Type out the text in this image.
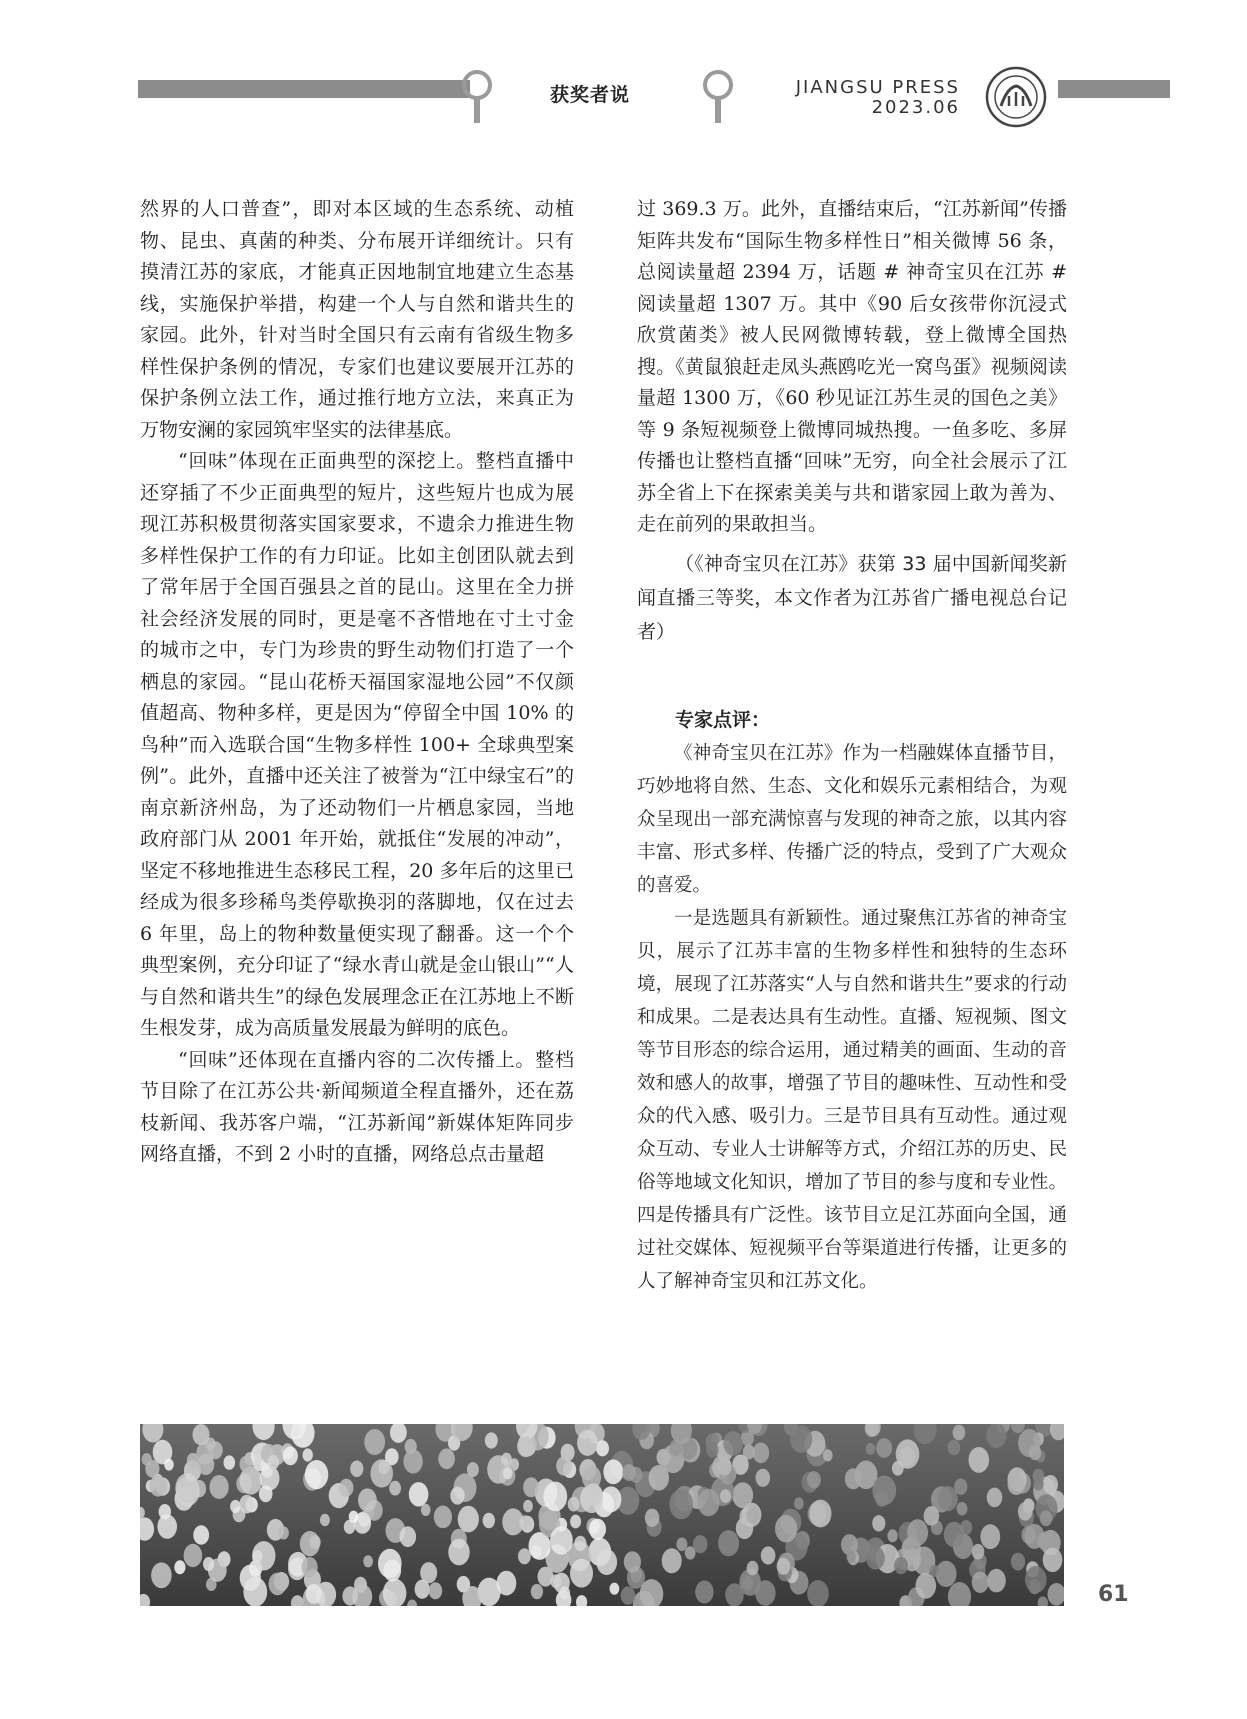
获奖者说	JIANGSU PRESS
2023.06

然界的人口普查”，即对本区域的生态系统、动植物、昆虫、真菌的种类、分布展开详细统计。只有摸清江苏的家底，才能真正因地制宜地建立生态基线，实施保护举措，构建一个人与自然和谐共生的家园。此外，针对当时全国只有云南有省级生物多样性保护条例的情况，专家们也建议要展开江苏的保护条例立法工作，通过推行地方立法，来真正为万物安澜的家园筑牢坚实的法律基底。

“回味”体现在正面典型的深挖上。整档直播中还穿插了不少正面典型的短片，这些短片也成为展现江苏积极贯彻落实国家要求，不遗余力推进生物多样性保护工作的有力印证。比如主创团队就去到了常年居于全国百强县之首的昆山。这里在全力拼社会经济发展的同时，更是毫不吝惜地在寸土寸金的城市之中，专门为珍贵的野生动物们打造了一个栖息的家园。“昆山花桥天福国家湿地公园”不仅颜值超高、物种多样，更是因为“停留全中国 10% 的鸟种”而入选联合国“生物多样性 100+ 全球典型案例”。此外，直播中还关注了被誉为“江中绿宝石”的南京新济州岛，为了还动物们一片栖息家园，当地政府部门从 2001 年开始，就抵住“发展的冲动”，坚定不移地推进生态移民工程，20 多年后的这里已经成为很多珍稀鸟类停歇换羽的落脚地，仅在过去 6 年里，岛上的物种数量便实现了翻番。这一个个典型案例，充分印证了“绿水青山就是金山银山”“人与自然和谐共生”的绿色发展理念正在江苏地上不断生根发芽，成为高质量发展最为鲜明的底色。

“回味”还体现在直播内容的二次传播上。整档节目除了在江苏公共·新闻频道全程直播外，还在荔枝新闻、我苏客户端，“江苏新闻”新媒体矩阵同步网络直播，不到 2 小时的直播，网络总点击量超

过 369.3 万。此外，直播结束后，“江苏新闻”传播矩阵共发布“国际生物多样性日”相关微博 56 条，总阅读量超 2394 万，话题 # 神奇宝贝在江苏 # 阅读量超 1307 万。其中《90 后女孩带你沉浸式欣赏菌类》被人民网微博转载，登上微博全国热搜。《黄鼠狼赶走凤头燕鸥吃光一窝鸟蛋》视频阅读量超 1300 万，《60 秒见证江苏生灵的国色之美》等 9 条短视频登上微博同城热搜。一鱼多吃、多屏传播也让整档直播“回味”无穷，向全社会展示了江苏全省上下在探索美美与共和谐家园上敢为善为、走在前列的果敢担当。

（《神奇宝贝在江苏》获第 33 届中国新闻奖新闻直播三等奖，本文作者为江苏省广播电视总台记者）

专家点评：

《神奇宝贝在江苏》作为一档融媒体直播节目，巧妙地将自然、生态、文化和娱乐元素相结合，为观众呈现出一部充满惊喜与发现的神奇之旅，以其内容丰富、形式多样、传播广泛的特点，受到了广大观众的喜爱。

一是选题具有新颖性。通过聚焦江苏省的神奇宝贝，展示了江苏丰富的生物多样性和独特的生态环境，展现了江苏落实“人与自然和谐共生”要求的行动和成果。二是表达具有生动性。直播、短视频、图文等节目形态的综合运用，通过精美的画面、生动的音效和感人的故事，增强了节目的趣味性、互动性和受众的代入感、吸引力。三是节目具有互动性。通过观众互动、专业人士讲解等方式，介绍江苏的历史、民俗等地域文化知识，增加了节目的参与度和专业性。四是传播具有广泛性。该节目立足江苏面向全国，通过社交媒体、短视频平台等渠道进行传播，让更多的人了解神奇宝贝和江苏文化。

61
